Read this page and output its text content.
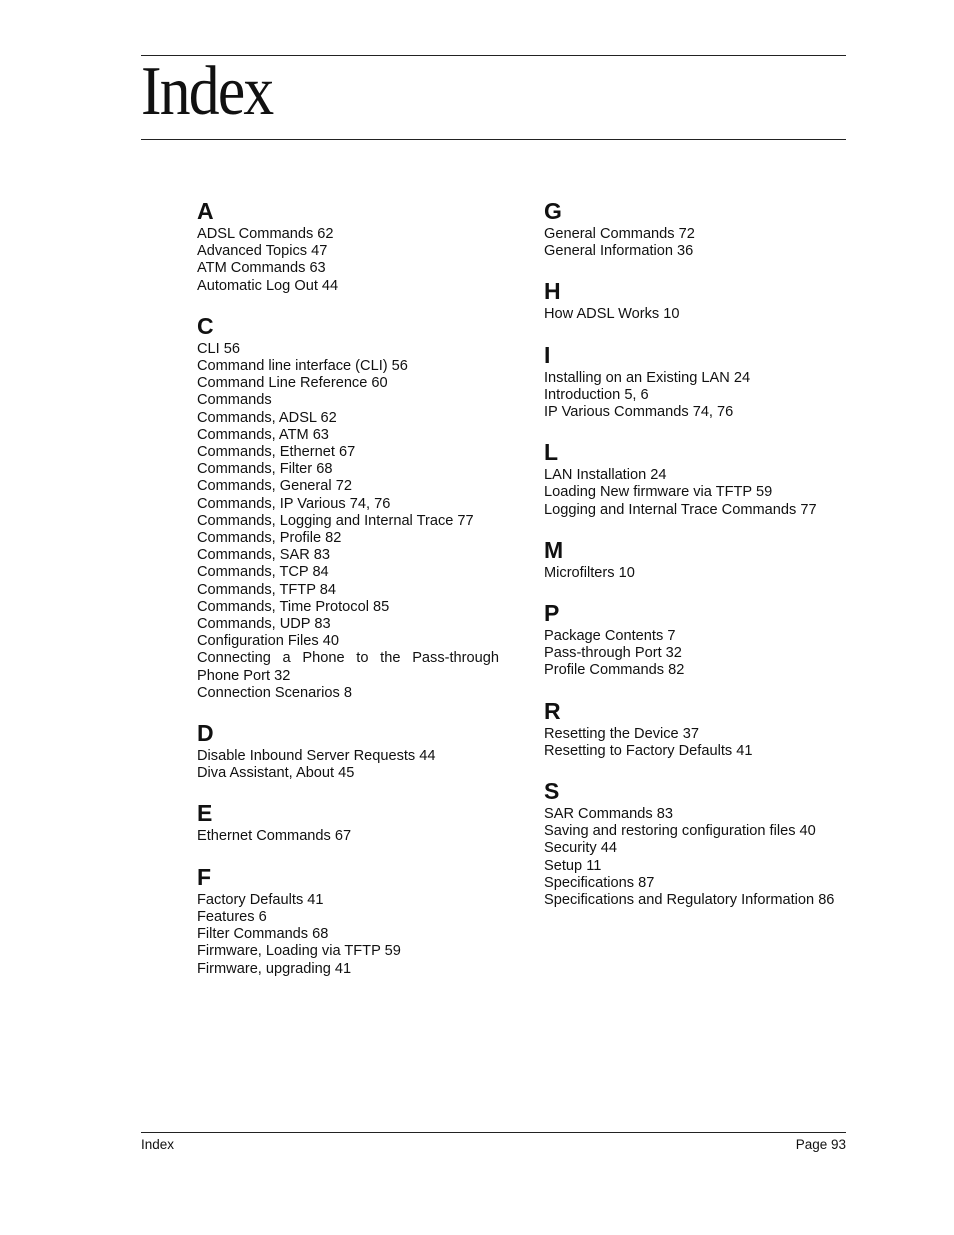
Index
A
ADSL Commands 62
Advanced Topics 47
ATM Commands 63
Automatic Log Out 44
C
CLI 56
Command line interface (CLI) 56
Command Line Reference 60
Commands
Commands, ADSL 62
Commands, ATM 63
Commands, Ethernet 67
Commands, Filter 68
Commands, General 72
Commands, IP Various 74, 76
Commands, Logging and Internal Trace 77
Commands, Profile 82
Commands, SAR 83
Commands, TCP 84
Commands, TFTP 84
Commands, Time Protocol 85
Commands, UDP 83
Configuration Files 40
Connecting a Phone to the Pass-through Phone Port 32
Connection Scenarios 8
D
Disable Inbound Server Requests 44
Diva Assistant, About 45
E
Ethernet Commands 67
F
Factory Defaults 41
Features 6
Filter Commands 68
Firmware, Loading via TFTP 59
Firmware, upgrading 41
G
General Commands 72
General Information 36
H
How ADSL Works 10
I
Installing on an Existing LAN 24
Introduction 5, 6
IP Various Commands 74, 76
L
LAN Installation 24
Loading New firmware via TFTP 59
Logging and Internal Trace Commands 77
M
Microfilters 10
P
Package Contents 7
Pass-through Port 32
Profile Commands 82
R
Resetting the Device 37
Resetting to Factory Defaults 41
S
SAR Commands 83
Saving and restoring configuration files 40
Security 44
Setup 11
Specifications 87
Specifications and Regulatory Information 86
Index	Page 93
